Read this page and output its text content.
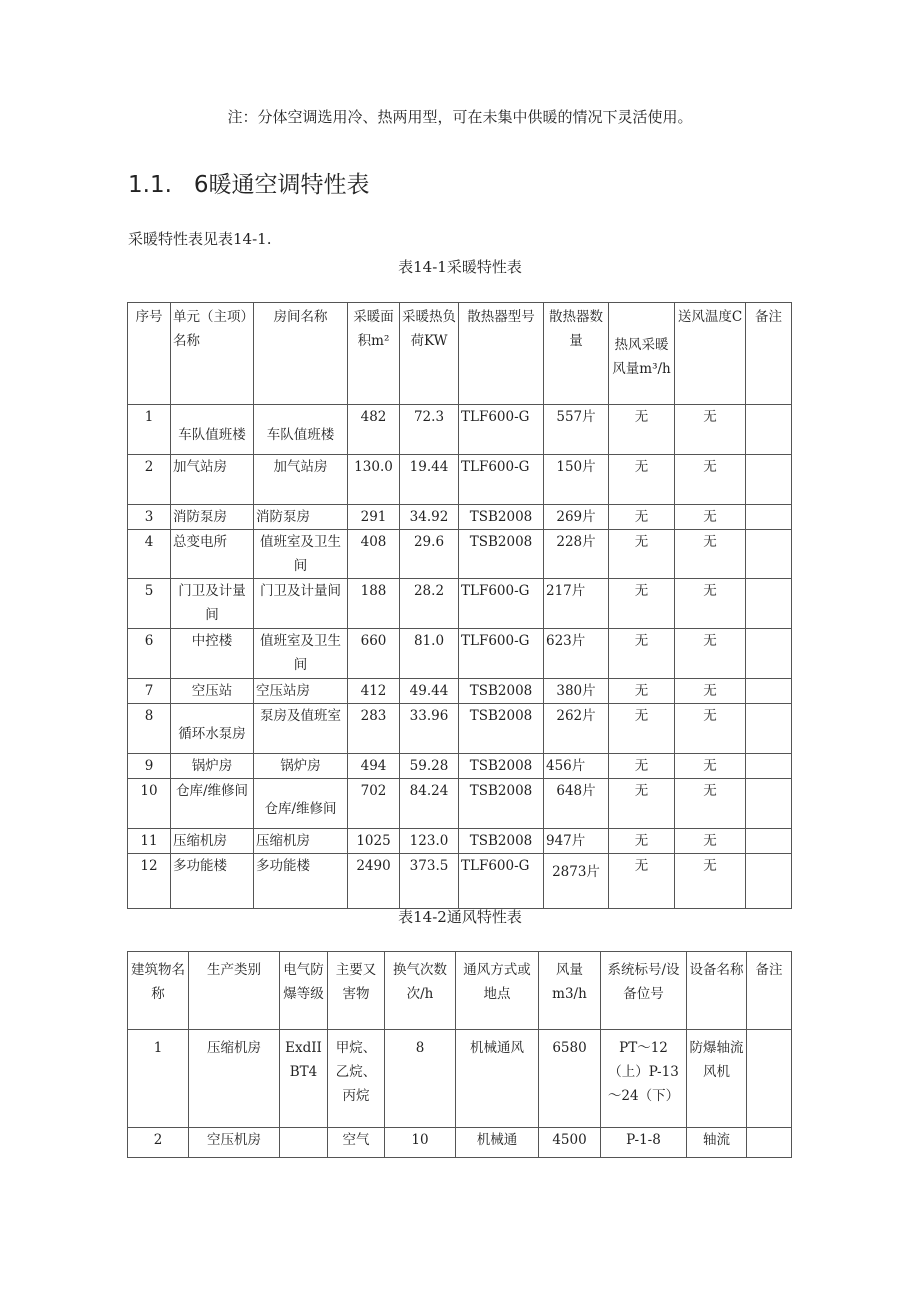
注：分体空调选用冷、热两用型，可在未集中供暖的情况下灵活使用。
1.1. 6暖通空调特性表
采暖特性表见表14-1.
表14-1采暖特性表
序号	单元（主项）名称	房间名称	采暖面积m²	采暖热负荷KW	散热器型号	散热器数量	热风采暖风量m³/h	送风温度C	备注
1	车队值班楼	车队值班楼	482	72.3	TLF600-G	557片	无	无	
2	加气站房	加气站房	130.0	19.44	TLF600-G	150片	无	无	
3	消防泵房	消防泵房	291	34.92	TSB2008	269片	无	无	
4	总变电所	值班室及卫生间	408	29.6	TSB2008	228片	无	无	
5	门卫及计量间	门卫及计量间	188	28.2	TLF600-G	217片	无	无	
6	中控楼	值班室及卫生间	660	81.0	TLF600-G	623片	无	无	
7	空压站	空压站房	412	49.44	TSB2008	380片	无	无	
8	循环水泵房	泵房及值班室	283	33.96	TSB2008	262片	无	无	
9	锅炉房	锅炉房	494	59.28	TSB2008	456片	无	无	
10	仓库/维修间	仓库/维修间	702	84.24	TSB2008	648片	无	无	
11	压缩机房	压缩机房	1025	123.0	TSB2008	947片	无	无	
12	多功能楼	多功能楼	2490	373.5	TLF600-G	2873片	无	无	
表14-2通风特性表
建筑物名称	生产类别	电气防爆等级	主要又害物	换气次数次/h	通风方式或地点	风量m3/h	系统标号/设备位号	设备名称	备注
1	压缩机房	ExdIIBT4	甲烷、乙烷、丙烷	8	机械通风	6580	PT～12（上）P-13～24（下）	防爆轴流风机	
2	空压机房		空气	10	机械通	4500	P-1-8	轴流	
